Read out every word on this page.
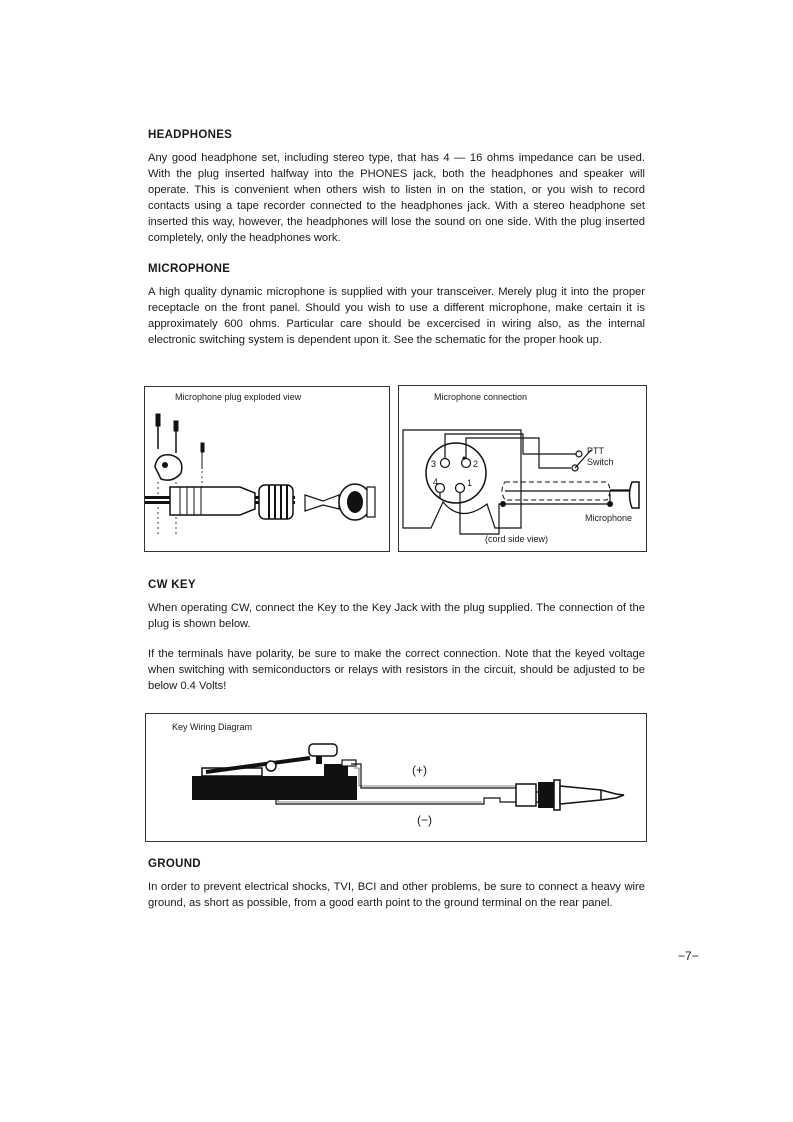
HEADPHONES
Any good headphone set, including stereo type, that has 4 — 16 ohms impedance can be used. With the plug inserted halfway into the PHONES jack, both the headphones and speaker will operate. This is convenient when others wish to listen in on the station, or you wish to record contacts using a tape recorder connected to the headphones jack. With a stereo headphone set inserted this way, however, the headphones will lose the sound on one side. With the plug inserted completely, only the headphones work.
MICROPHONE
A high quality dynamic microphone is supplied with your transceiver. Merely plug it into the proper receptacle on the front panel. Should you wish to use a different microphone, make certain it is approximately 600 ohms. Particular care should be excercised in wiring also, as the internal electronic switching system is dependent upon it. See the schematic for the proper hook up.
Microphone plug exploded view	Microphone connection
3	2
4	1
PTT
Switch
Microphone
(cord side view)
CW KEY
When operating CW, connect the Key to the Key Jack with the plug supplied. The connection of the plug is shown below.
If the terminals have polarity, be sure to make the correct connection. Note that the keyed voltage when switching with semiconductors or relays with resistors in the circuit, should be adjusted to be below 0.4 Volts!
Key Wiring Diagram
(+)
(−)
GROUND
In order to prevent electrical shocks, TVI, BCI and other problems, be sure to connect a heavy wire ground, as short as possible, from a good earth point to the ground terminal on the rear panel.
−7−
